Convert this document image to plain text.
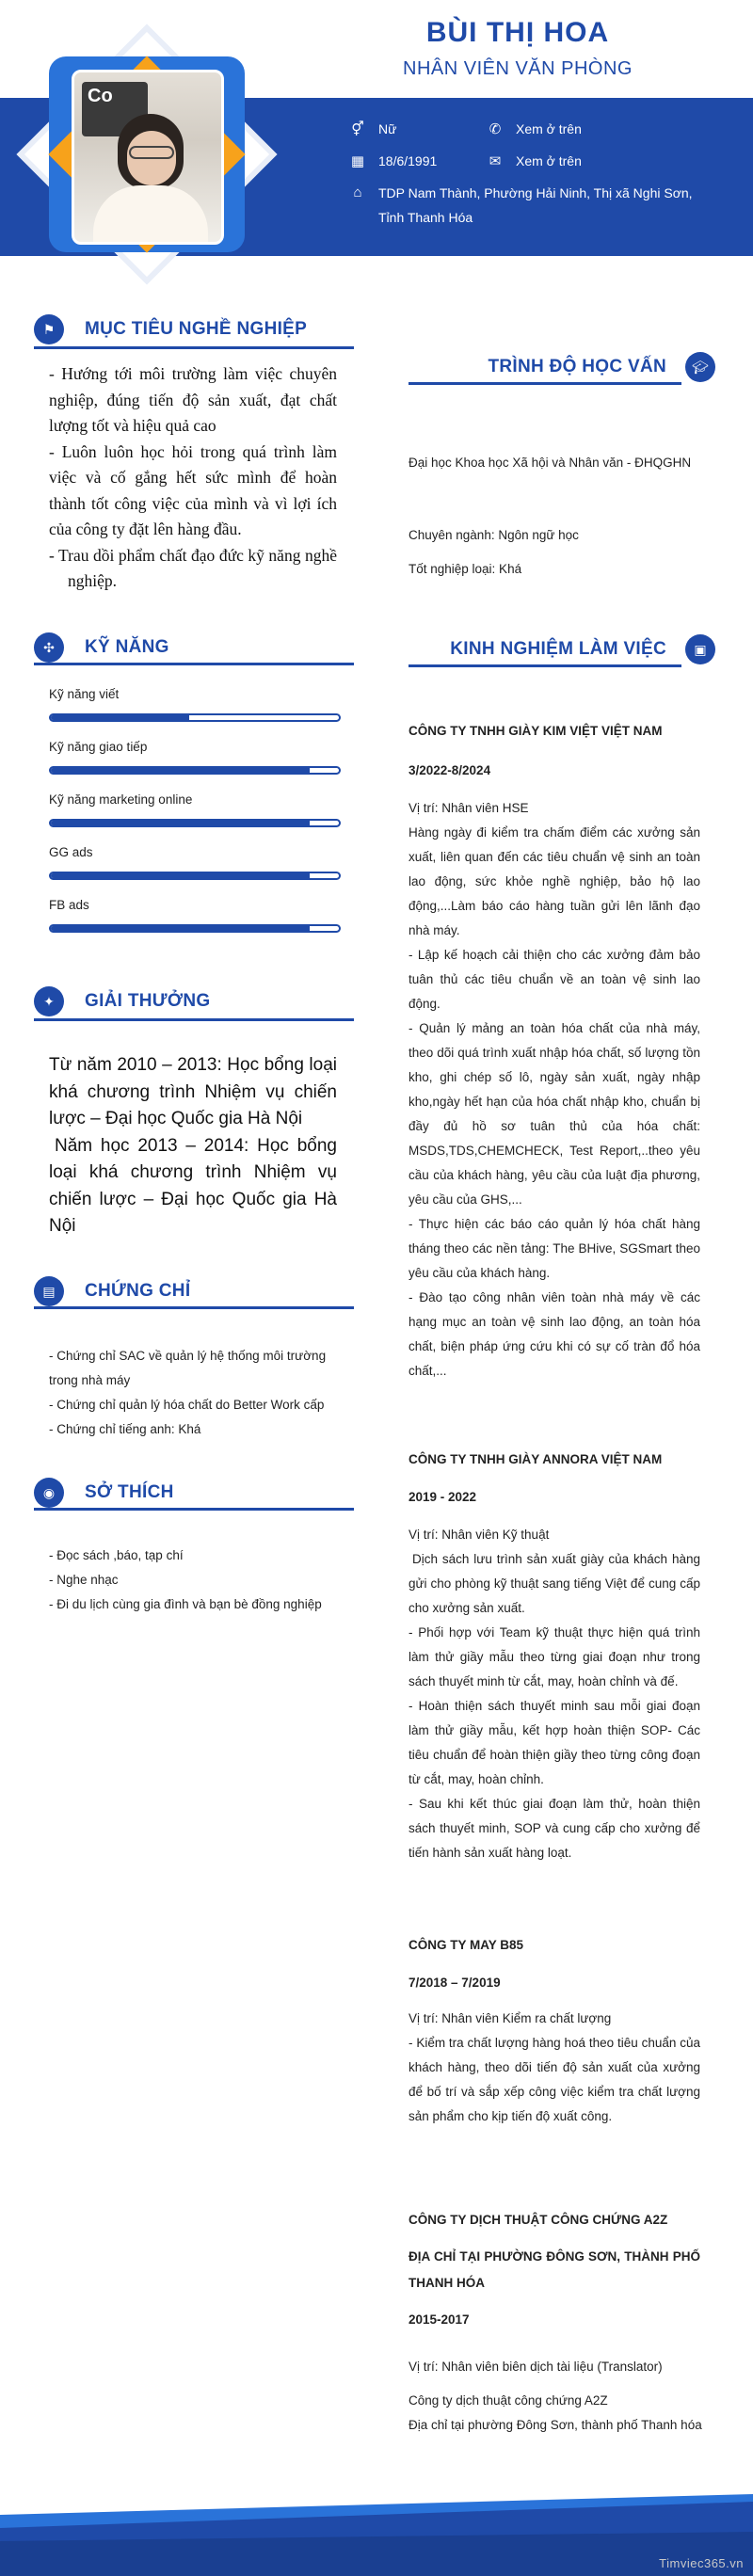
BÙI THỊ HOA
NHÂN VIÊN VĂN PHÒNG
Co
⚥ Nữ	✆ Xem ở trên
▦ 18/6/1991	✉ Xem ở trên
⌂	TDP Nam Thành, Phường Hải Ninh, Thị xã Nghi Sơn, Tỉnh Thanh Hóa
⚑	MỤC TIÊU NGHỀ NGHIỆP

- Hướng tới môi trường làm việc chuyên nghiệp, đúng tiến độ sản xuất, đạt chất lượng tốt và hiệu quả cao

- Luôn luôn học hỏi trong quá trình làm việc và cố gắng hết sức mình để hoàn thành tốt công việc của mình và vì lợi ích của công ty đặt lên hàng đầu.

- Trau dồi phẩm chất đạo đức kỹ năng nghề nghiệp.

✣	KỸ NĂNG
Kỹ năng viết
Kỹ năng giao tiếp
Kỹ năng marketing online
GG ads
FB ads
✦	GIẢI THƯỞNG

Từ năm 2010 – 2013: Học bổng loại khá chương trình Nhiệm vụ chiến lược – Đại học Quốc gia Hà Nội

Năm học 2013 – 2014: Học bổng loại khá chương trình Nhiệm vụ chiến lược – Đại học Quốc gia Hà Nội

▤	CHỨNG CHỈ

- Chứng chỉ SAC về quản lý hệ thống môi trường trong nhà máy

- Chứng chỉ quản lý hóa chất do Better Work cấp

- Chứng chỉ tiếng anh: Khá

◉	SỞ THÍCH

- Đọc sách ,báo, tạp chí

- Nghe nhạc

- Đi du lịch cùng gia đình và bạn bè đồng nghiệp

TRÌNH ĐỘ HỌC VẤN	🎓︎
Đại học Khoa học Xã hội và Nhân văn - ĐHQGHN
Chuyên ngành: Ngôn ngữ học
Tốt nghiệp loại: Khá
KINH NGHIỆM LÀM VIỆC	▣
CÔNG TY TNHH GIÀY KIM VIỆT VIỆT NAM
3/2022-8/2024

Vị trí: Nhân viên HSE

Hàng ngày đi kiểm tra chấm điểm các xưởng sản xuất, liên quan đến các tiêu chuẩn vệ sinh an toàn lao động, sức khỏe nghề nghiệp, bảo hộ lao động,...Làm báo cáo hàng tuần gửi lên lãnh đạo nhà máy.

- Lập kế hoạch cải thiện cho các xưởng đảm bảo tuân thủ các tiêu chuẩn về an toàn vệ sinh lao động.

- Quản lý mảng an toàn hóa chất của nhà máy, theo dõi quá trình xuất nhập hóa chất, số lượng tồn kho, ghi chép số lô, ngày sản xuất, ngày nhập kho,ngày hết hạn của hóa chất nhập kho, chuẩn bị đầy đủ hồ sơ tuân thủ của hóa chất: MSDS,TDS,CHEMCHECK, Test Report,..theo yêu cầu của khách hàng, yêu cầu của luật địa phương, yêu cầu của GHS,...

- Thực hiện các báo cáo quản lý hóa chất hàng tháng theo các nền tảng: The BHive, SGSmart theo yêu cầu của khách hàng.

- Đào tạo công nhân viên toàn nhà máy về các hạng mục an toàn vệ sinh lao động, an toàn hóa chất, biện pháp ứng cứu khi có sự cố tràn đổ hóa chất,...

CÔNG TY TNHH GIÀY ANNORA VIỆT NAM
2019 - 2022

Vị trí: Nhân viên Kỹ thuật

Dịch sách lưu trình sản xuất giày của khách hàng gửi cho phòng kỹ thuật sang tiếng Việt để cung cấp cho xưởng sản xuất.

- Phối hợp với Team kỹ thuật thực hiện quá trình làm thử giầy mẫu theo từng giai đoạn như trong sách thuyết minh từ cắt, may, hoàn chỉnh và đế.

- Hoàn thiện sách thuyết minh sau mỗi giai đoạn làm thử giầy mẫu, kết hợp hoàn thiện SOP- Các tiêu chuẩn để hoàn thiện giầy theo từng công đoạn từ cắt, may, hoàn chỉnh.

- Sau khi kết thúc giai đoạn làm thử, hoàn thiện sách thuyết minh, SOP và cung cấp cho xưởng để tiến hành sản xuất hàng loạt.

CÔNG TY MAY B85
7/2018 – 7/2019

Vị trí: Nhân viên Kiểm ra chất lượng

- Kiểm tra chất lượng hàng hoá theo tiêu chuẩn của khách hàng, theo dõi tiến độ sản xuất của xưởng để bố trí và sắp xếp công việc kiểm tra chất lượng sản phẩm cho kịp tiến độ xuất công.

CÔNG TY DỊCH THUẬT CÔNG CHỨNG A2Z
ĐỊA CHỈ TẠI PHƯỜNG ĐÔNG SƠN, THÀNH PHỐ THANH HÓA
2015-2017
Vị trí: Nhân viên biên dịch tài liệu (Translator)

Công ty dịch thuật công chứng A2Z

Địa chỉ tại phường Đông Sơn, thành phố Thanh hóa

Timviec365.vn
